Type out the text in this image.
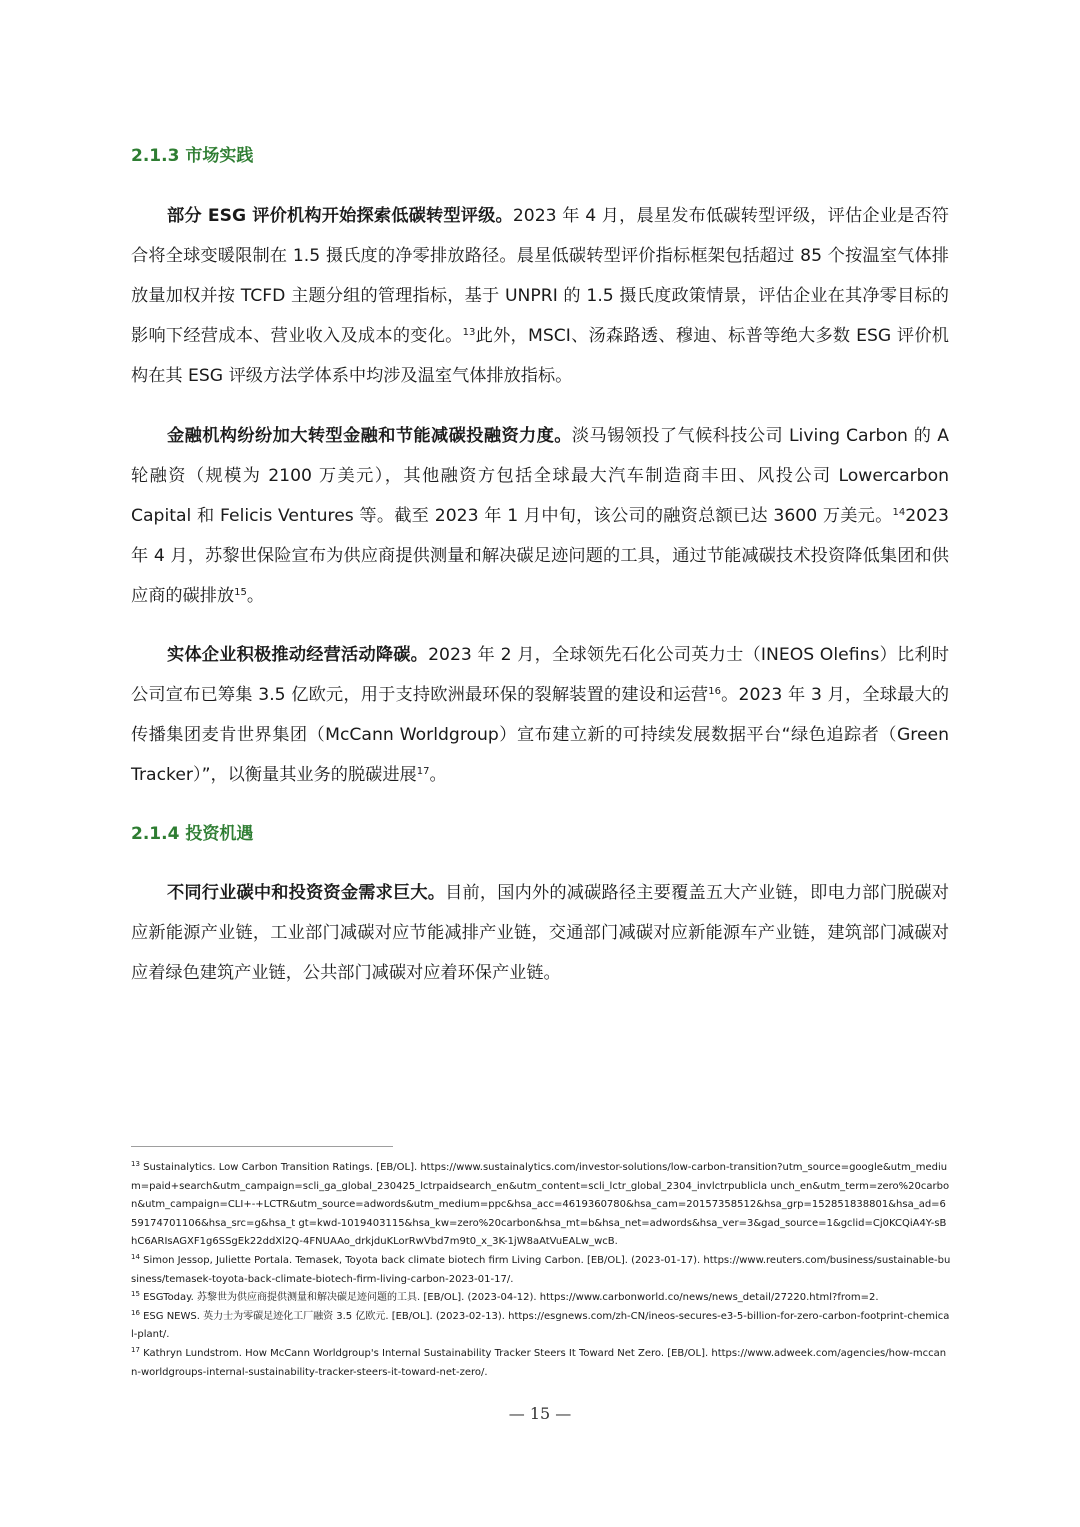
2.1.3 市场实践

部分 ESG 评价机构开始探索低碳转型评级。2023 年 4 月，晨星发布低碳转型评级，评估企业是否符合将全球变暖限制在 1.5 摄氏度的净零排放路径。晨星低碳转型评价指标框架包括超过 85 个按温室气体排放量加权并按 TCFD 主题分组的管理指标，基于 UNPRI 的 1.5 摄氏度政策情景，评估企业在其净零目标的影响下经营成本、营业收入及成本的变化。$^{13}$此外，MSCI、汤森路透、穆迪、标普等绝大多数 ESG 评价机构在其 ESG 评级方法学体系中均涉及温室气体排放指标。

金融机构纷纷加大转型金融和节能减碳投融资力度。淡马锡领投了气候科技公司 Living Carbon 的 A 轮融资（规模为 2100 万美元），其他融资方包括全球最大汽车制造商丰田、风投公司 Lowercarbon Capital 和 Felicis Ventures 等。截至 2023 年 1 月中旬，该公司的融资总额已达 3600 万美元。$^{14}$2023 年 4 月，苏黎世保险宣布为供应商提供测量和解决碳足迹问题的工具，通过节能减碳技术投资降低集团和供应商的碳排放$^{15}$。

实体企业积极推动经营活动降碳。2023 年 2 月，全球领先石化公司英力士（INEOS Olefins）比利时公司宣布已筹集 3.5 亿欧元，用于支持欧洲最环保的裂解装置的建设和运营$^{16}$。2023 年 3 月，全球最大的传播集团麦肯世界集团（McCann Worldgroup）宣布建立新的可持续发展数据平台“绿色追踪者（Green Tracker）”，以衡量其业务的脱碳进展$^{17}$。

2.1.4 投资机遇

不同行业碳中和投资资金需求巨大。目前，国内外的减碳路径主要覆盖五大产业链，即电力部门脱碳对应新能源产业链，工业部门减碳对应节能减排产业链，交通部门减碳对应新能源车产业链，建筑部门减碳对应着绿色建筑产业链，公共部门减碳对应着环保产业链。

$^{13}$ Sustainalytics. Low Carbon Transition Ratings. [EB/OL]. https://www.sustainalytics.com/investor-solutions/low-carbon-transition?utm_source=google&utm_medium=paid+search&utm_campaign=scli_ga_global_230425_lctrpaidsearch_en&utm_content=scli_lctr_global_2304_invlctrpublicla unch_en&utm_term=zero%20carbon&utm_campaign=CLI+-+LCTR&utm_source=adwords&utm_medium=ppc&hsa_acc=4619360780&hsa_cam=20157358512&hsa_grp=152851838801&hsa_ad=659174701106&hsa_src=g&hsa_t gt=kwd-1019403115&hsa_kw=zero%20carbon&hsa_mt=b&hsa_net=adwords&hsa_ver=3&gad_source=1&gclid=Cj0KCQiA4Y-sBhC6ARIsAGXF1g6SSgEk22ddXl2Q-4FNUAAo_drkjduKLorRwVbd7m9t0_x_3K-1jW8aAtVuEALw_wcB.

$^{14}$ Simon Jessop, Juliette Portala. Temasek, Toyota back climate biotech firm Living Carbon. [EB/OL]. (2023-01-17). https://www.reuters.com/business/sustainable-business/temasek-toyota-back-climate-biotech-firm-living-carbon-2023-01-17/.

$^{15}$ ESGToday. 苏黎世为供应商提供测量和解决碳足迹问题的工具. [EB/OL]. (2023-04-12). https://www.carbonworld.co/news/news_detail/27220.html?from=2.

$^{16}$ ESG NEWS. 英力士为零碳足迹化工厂融资 3.5 亿欧元. [EB/OL]. (2023-02-13). https://esgnews.com/zh-CN/ineos-secures-e3-5-billion-for-zero-carbon-footprint-chemical-plant/.

$^{17}$ Kathryn Lundstrom. How McCann Worldgroup's Internal Sustainability Tracker Steers It Toward Net Zero. [EB/OL]. https://www.adweek.com/agencies/how-mccann-worldgroups-internal-sustainability-tracker-steers-it-toward-net-zero/.

— 15 —
